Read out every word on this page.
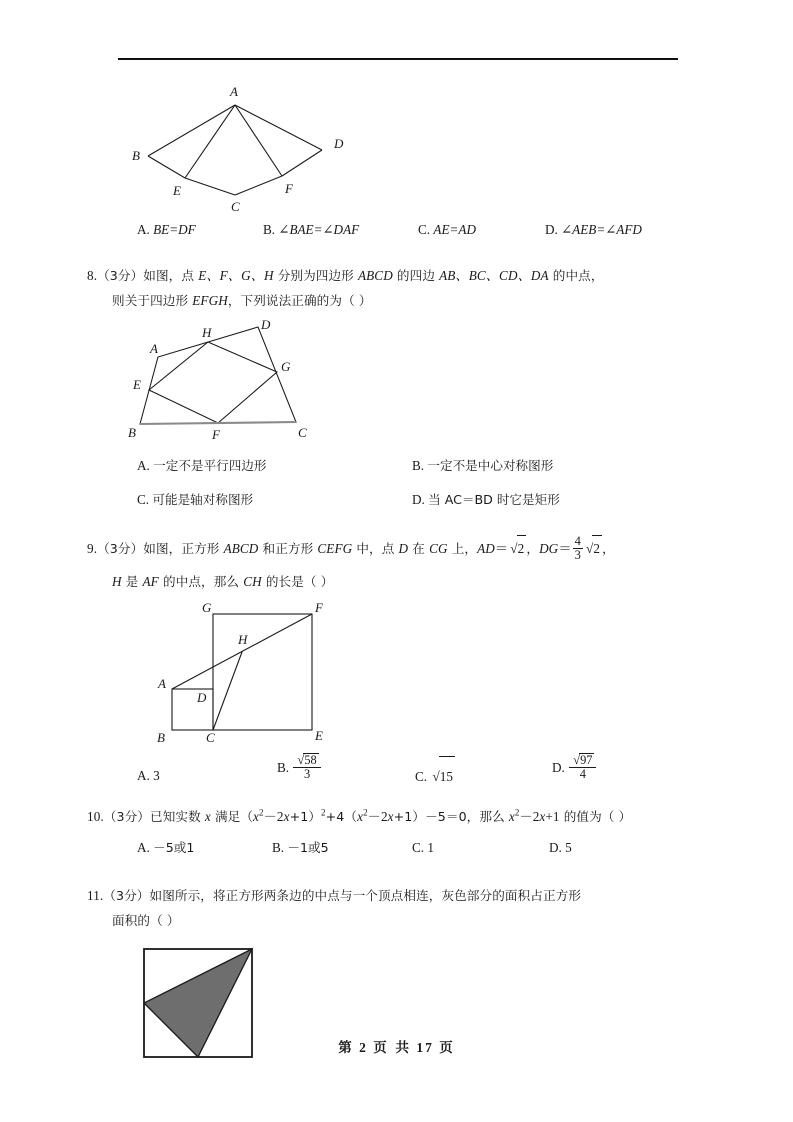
A
B
C
D
E	F
A. BE=DF	B. ∠BAE=∠DAF	C. AE=AD	D. ∠AEB=∠AFD
8.（3分）如图，点 E、F、G、H 分别为四边形 ABCD 的四边 AB、BC、CD、DA 的中点，
则关于四边形 EFGH，下列说法正确的为（ ）
A
B	C
D
E
F
G
H
A. 一定不是平行四边形	B. 一定不是中心对称图形
C. 可能是轴对称图形	D. 当 AC＝BD 时它是矩形
9.（3分）如图，正方形 ABCD 和正方形 CEFG 中，点 D 在 CG 上，AD＝ √2 ，$DG= \frac{4}{3} √2$ ，
H 是 AF 的中点，那么 CH 的长是（ ）
G	F
A
B	C	E
D
H
A. 3
B. $\frac{√58}{3}$	C. √15
D. $\frac{√97}{4}$
10.（3分）已知实数 x 满足$(x^2-2x+1)^2+4(x^2-2x+1)-5=0$，那么 $x^2-2x+1$ 的值为（ ）
A. －5或1	B. －1或5	C. 1	D. 5
11.（3分）如图所示，将正方形两条边的中点与一个顶点相连，灰色部分的面积占正方形
面积的（ ）
第 2 页 共 17 页
